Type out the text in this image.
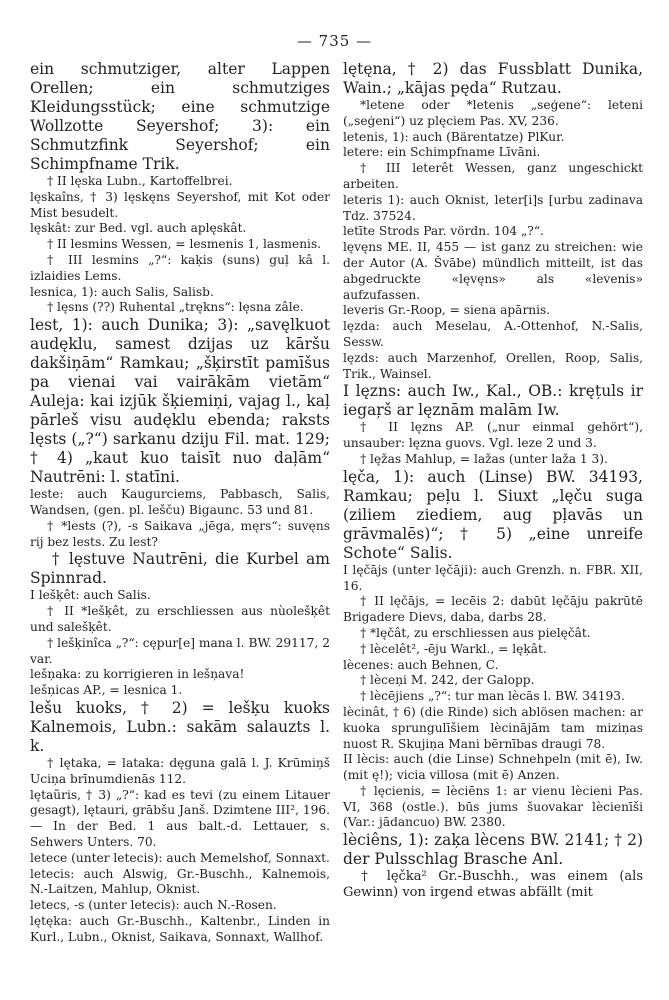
— 735 —

ein schmutziger, alter Lappen Orellen; ein schmutziges Kleidungsstück; eine schmutzige Wollzotte Seyershof; 3): ein Schmutzfink Seyershof; ein Schimpfname Trik.

† II lęska Lubn., Kartoffelbrei.

lęskaîns, † 3) lęskęns Seyershof, mit Kot oder Mist besudelt.

lęskât: zur Bed. vgl. auch aplęskât.

† II lesmins Wessen, = lesmenis 1, lasmenis.

† III lesmins „?“: kaķis (suns) guļ kâ l. izlaidies Lems.

lesnica, 1): auch Salis, Salisb.

† lęsns (??) Ruhental „trękns“: lęsna zâle.

lest, 1): auch Dunika; 3): „savęlkuot audęklu, samest dzijas uz kāršu dakšiņām“ Ramkau; „šķirstīt pamīšus pa vienai vai vairākām vietām“ Auleja: kai izjūk šķiemiņi, vajag l., kaļ pārleš visu audęklu ebenda; raksts lęsts („?“) sarkanu dziju Fil. mat. 129; † 4) „kaut kuo taisīt nuo daļām“ Nautrēni: l. statīni.

leste: auch Kaugurciems, Pabbasch, Salis, Wandsen, (gen. pl. lešču) Bigaunc. 53 und 81.

† *lests (?), -s Saikava „jēga, męrs“: suvęns rij bez lests. Zu lest?

† lęstuve Nautrēni, die Kurbel am Spinnrad.

I lešķêt: auch Salis.

† II *lešķêt, zu erschliessen aus nùolešķêt und salešķêt.

† lešķinîca „?“: cępur[e] mana l. BW. 29117, 2 var.

lešņaka: zu korrigieren in lešņava!

lešņicas AP., = lesnica 1.

lešu kuoks, † 2) = lešķu kuoks Kalnemois, Lubn.: sakām salauzts l. k.

† lętaka, = lataka: dęguna galā l. J. Krūmiņš Uciņa brīnumdienās 112.

lętaũris, † 3) „?“: kad es tevi (zu einem Litauer gesagt), lętauri, grābšu Janš. Dzimtene III², 196. — In der Bed. 1 aus balt.-d. Lettauer, s. Sehwers Unters. 70.

letece (unter letecis): auch Memelshof, Sonnaxt.

letecis: auch Alswig, Gr.-Buschh., Kalnemois, N.-Laitzen, Mahlup, Oknist.

letecs, -s (unter letecis): auch N.-Rosen.

lętęka: auch Gr.-Buschh., Kaltenbr., Linden in Kurl., Lubn., Oknist, Saikava, Sonnaxt, Wallhof.

lętęna, † 2) das Fussblatt Dunika, Wain.; „kājas pęda“ Rutzau.

*letene oder *letenis „seģene“: leteni („seģeni“) uz plęciem Pas. XV, 236.

letenis, 1): auch (Bärentatze) PlKur.

letere: ein Schimpfname Līvāni.

† III leterêt Wessen, ganz ungeschickt arbeiten.

leteris 1): auch Oknist, leter[i]s [urbu zadinava Tdz. 37524.

letīte Strods Par. vördn. 104 „?“.

lęvęns ME. II, 455 — ist ganz zu streichen: wie der Autor (A. Švābe) mündlich mitteilt, ist das abgedruckte «lęvęns» als «levenis» aufzufassen.

leveris Gr.-Roop, = siena apārnis.

lęzda: auch Meselau, A.-Ottenhof, N.-Salis, Sessw.

lęzds: auch Marzenhof, Orellen, Roop, Salis, Trik., Wainsel.

I lęzns: auch Iw., Kal., OB.: kręțuls ir iegaŗš ar lęznām malām Iw.

† II lęzns AP. („nur einmal gehört“), unsauber: lęzna guovs. Vgl. leze 2 und 3.

† lęžas Mahlup, = lažas (unter laža 1 3).

lęča, 1): auch (Linse) BW. 34193, Ramkau; peļu l. Siuxt „lęču suga (ziliem ziediem, aug pļavās un grāvmalēs)“; † 5) „eine unreife Schote“ Salis.

I lęčājs (unter lęčāji): auch Grenzh. n. FBR. XII, 16.

† II lęčājs, = lecēis 2: dabūt lęčāju pakrūtē Brigadere Dievs, daba, darbs 28.

† *lęčât, zu erschliessen aus pielęčât.

† lècelêt², -ēju Warkl., = lęķât.

lècenes: auch Behnen, C.

† lèceņi M. 242, der Galopp.

† lècējiens „?“: tur man lècās l. BW. 34193.

lècinât, † 6) (die Rinde) sich ablösen machen: ar kuoka sprungulīšiem lècinājām tam miziņas nuost R. Skujiņa Mani bērnības draugi 78.

II lècis: auch (die Linse) Schnehpeln (mit ē), Iw. (mit ę!); vicia villosa (mit ē) Anzen.

† lęcienis, = lèciēns 1: ar vienu lècieni Pas. VI, 368 (ostle.). būs jums šuovakar lècienīši (Var.: jādancuo) BW. 2380.

lèciêns, 1): zaķa lècens BW. 2141; † 2) der Pulsschlag Brasche Anl.

† lęčka² Gr.-Buschh., was einem (als Gewinn) von irgend etwas abfällt (mit
